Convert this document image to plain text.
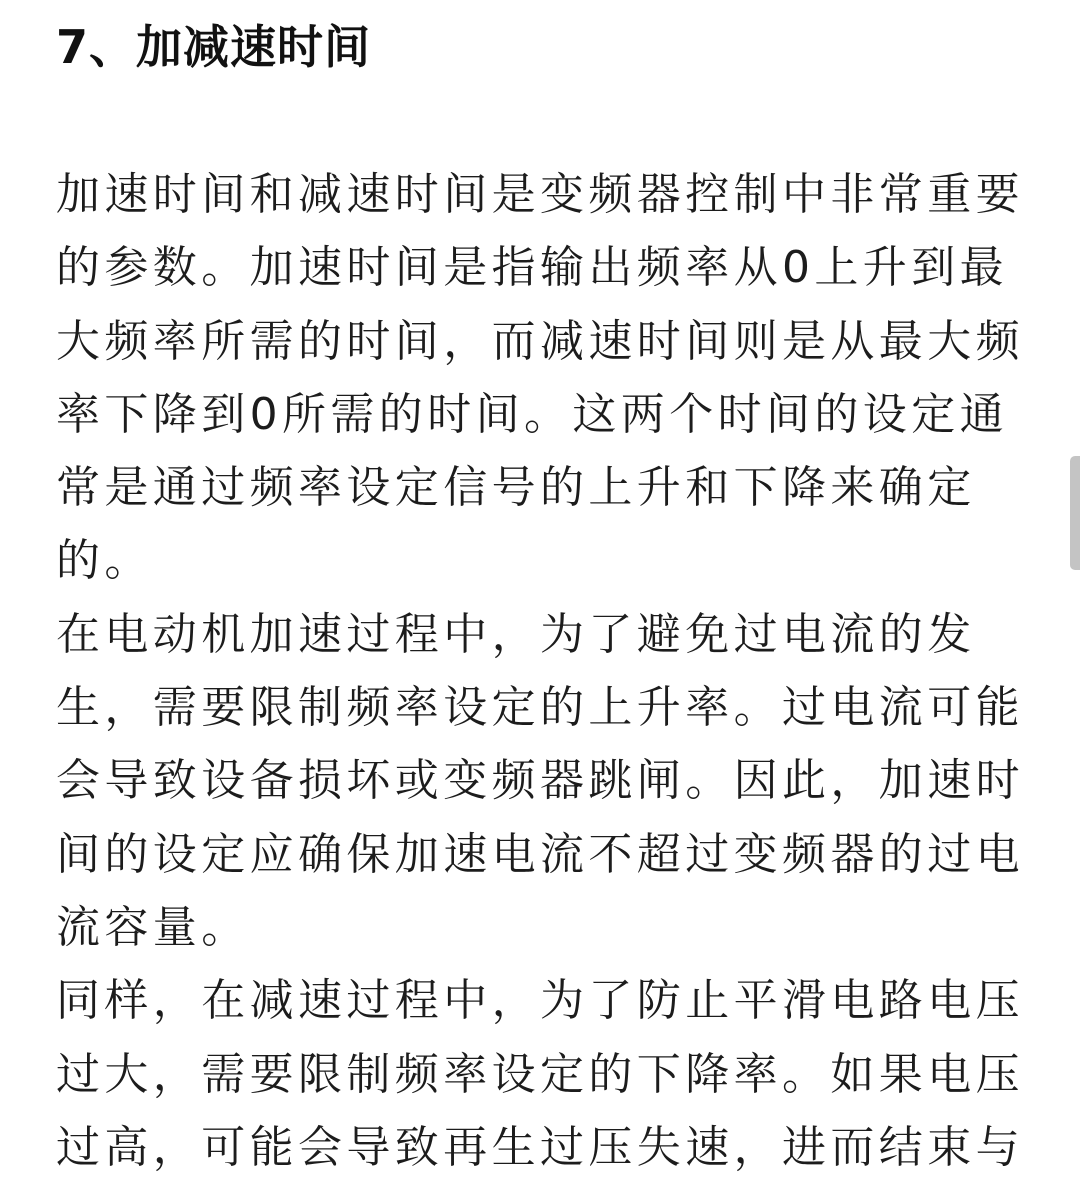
7、加减速时间

加速时间和减速时间是变频器控制中非常重要
的参数。加速时间是指输出频率从0上升到最
大频率所需的时间，而减速时间则是从最大频
率下降到0所需的时间。这两个时间的设定通
常是通过频率设定信号的上升和下降来确定
的。

在电动机加速过程中，为了避免过电流的发
生，需要限制频率设定的上升率。过电流可能
会导致设备损坏或变频器跳闸。因此，加速时
间的设定应确保加速电流不超过变频器的过电
流容量。

同样，在减速过程中，为了防止平滑电路电压
过大，需要限制频率设定的下降率。如果电压
过高，可能会导致再生过压失速，进而结束与
